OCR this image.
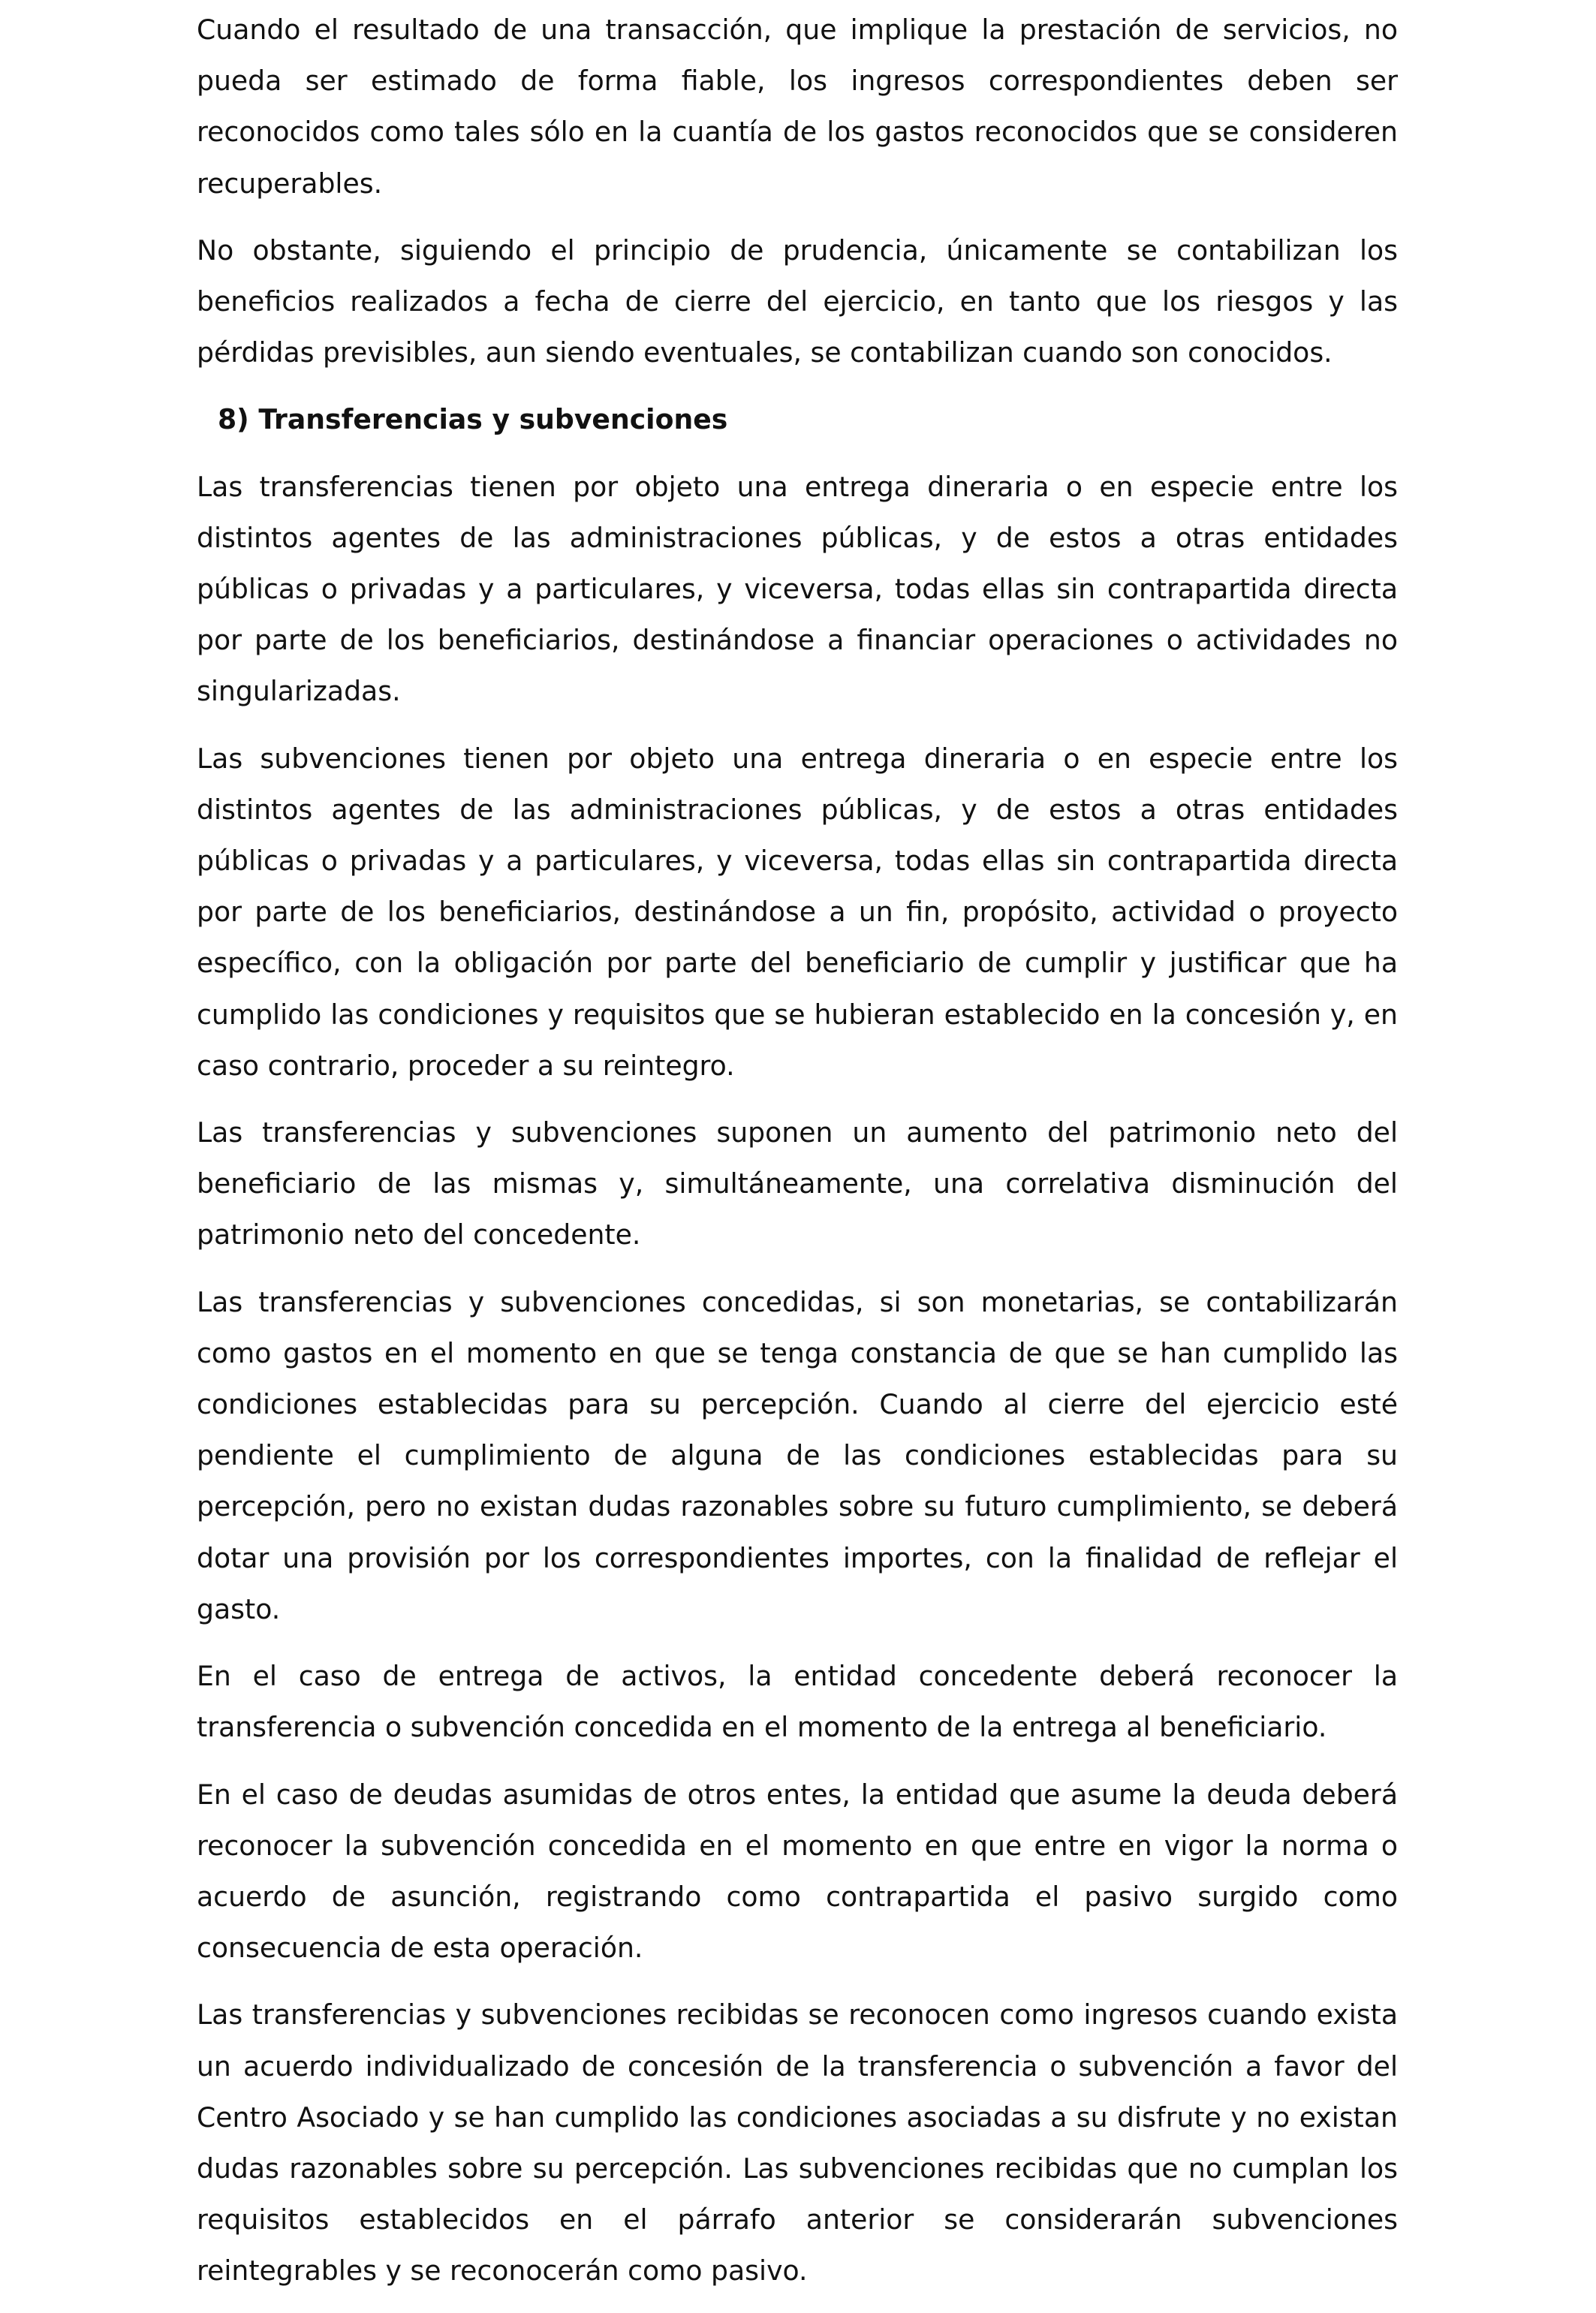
Cuando el resultado de una transacción, que implique la prestación de servicios, no pueda ser estimado de forma fiable, los ingresos correspondientes deben ser reconocidos como tales sólo en la cuantía de los gastos reconocidos que se consideren recuperables.

No obstante, siguiendo el principio de prudencia, únicamente se contabilizan los beneficios realizados a fecha de cierre del ejercicio, en tanto que los riesgos y las pérdidas previsibles, aun siendo eventuales, se contabilizan cuando son conocidos.

8) Transferencias y subvenciones

Las transferencias tienen por objeto una entrega dineraria o en especie entre los distintos agentes de las administraciones públicas, y de estos a otras entidades públicas o privadas y a particulares, y viceversa, todas ellas sin contrapartida directa por parte de los beneficiarios, destinándose a financiar operaciones o actividades no singularizadas.

Las subvenciones tienen por objeto una entrega dineraria o en especie entre los distintos agentes de las administraciones públicas, y de estos a otras entidades públicas o privadas y a particulares, y viceversa, todas ellas sin contrapartida directa por parte de los beneficiarios, destinándose a un fin, propósito, actividad o proyecto específico, con la obligación por parte del beneficiario de cumplir y justificar que ha cumplido las condiciones y requisitos que se hubieran establecido en la concesión y, en caso contrario, proceder a su reintegro.

Las transferencias y subvenciones suponen un aumento del patrimonio neto del beneficiario de las mismas y, simultáneamente, una correlativa disminución del patrimonio neto del concedente.

Las transferencias y subvenciones concedidas, si son monetarias, se contabilizarán como gastos en el momento en que se tenga constancia de que se han cumplido las condiciones establecidas para su percepción. Cuando al cierre del ejercicio esté pendiente el cumplimiento de alguna de las condiciones establecidas para su percepción, pero no existan dudas razonables sobre su futuro cumplimiento, se deberá dotar una provisión por los correspondientes importes, con la finalidad de reflejar el gasto.

En el caso de entrega de activos, la entidad concedente deberá reconocer la transferencia o subvención concedida en el momento de la entrega al beneficiario.

En el caso de deudas asumidas de otros entes, la entidad que asume la deuda deberá reconocer la subvención concedida en el momento en que entre en vigor la norma o acuerdo de asunción, registrando como contrapartida el pasivo surgido como consecuencia de esta operación.

Las transferencias y subvenciones recibidas se reconocen como ingresos cuando exista un acuerdo individualizado de concesión de la transferencia o subvención a favor del Centro Asociado y se han cumplido las condiciones asociadas a su disfrute y no existan dudas razonables sobre su percepción. Las subvenciones recibidas que no cumplan los requisitos establecidos en el párrafo anterior se considerarán subvenciones reintegrables y se reconocerán como pasivo.
